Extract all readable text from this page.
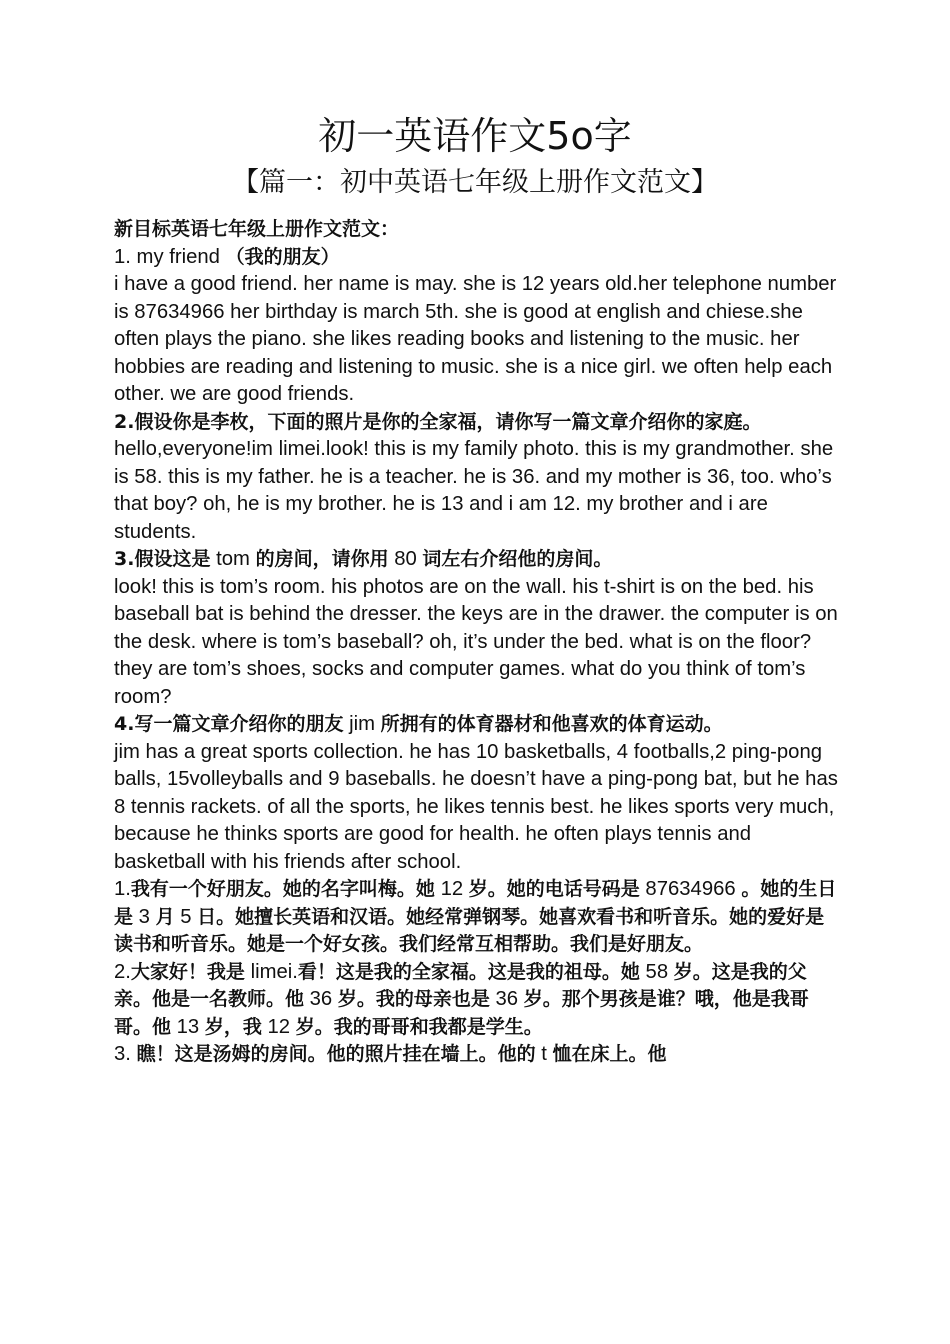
初一英语作文5o字
【篇一：初中英语七年级上册作文范文】

新目标英语七年级上册作文范文：

1. my friend （我的朋友）

i have a good friend. her name is may. she is 12 years old.her telephone number is 87634966 her birthday is march 5th. she is good at english and chiese.she often plays the piano. she likes reading books and listening to the music. her hobbies are reading and listening to music. she is a nice girl. we often help each other. we are good friends.

2.假设你是李枚，下面的照片是你的全家福，请你写一篇文章介绍你的家庭。hello,everyone!im limei.look! this is my family photo. this is my grandmother. she is 58. this is my father. he is a teacher. he is 36. and my mother is 36, too. who’s that boy? oh, he is my brother. he is 13 and i am 12. my brother and i are students.

3.假设这是 tom 的房间，请你用 80 词左右介绍他的房间。

look! this is tom’s room. his photos are on the wall. his t-shirt is on the bed. his baseball bat is behind the dresser. the keys are in the drawer. the computer is on the desk. where is tom’s baseball? oh, it’s under the bed. what is on the floor? they are tom’s shoes, socks and computer games. what do you think of tom’s room?

4.写一篇文章介绍你的朋友 jim 所拥有的体育器材和他喜欢的体育运动。

jim has a great sports collection. he has 10 basketballs, 4 footballs,2 ping-pong balls, 15volleyballs and 9 baseballs. he doesn’t have a ping-pong bat, but he has 8 tennis rackets. of all the sports, he likes tennis best. he likes sports very much, because he thinks sports are good for health. he often plays tennis and basketball with his friends after school.

1.我有一个好朋友。她的名字叫梅。她 12 岁。她的电话号码是 87634966 。她的生日是 3 月 5 日。她擅长英语和汉语。她经常弹钢琴。她喜欢看书和听音乐。她的爱好是读书和听音乐。她是一个好女孩。我们经常互相帮助。我们是好朋友。

2.大家好！我是 limei.看！这是我的全家福。这是我的祖母。她 58 岁。这是我的父亲。他是一名教师。他 36 岁。我的母亲也是 36 岁。那个男孩是谁？哦，他是我哥哥。他 13 岁，我 12 岁。我的哥哥和我都是学生。

3. 瞧！这是汤姆的房间。他的照片挂在墙上。他的 t 恤在床上。他
